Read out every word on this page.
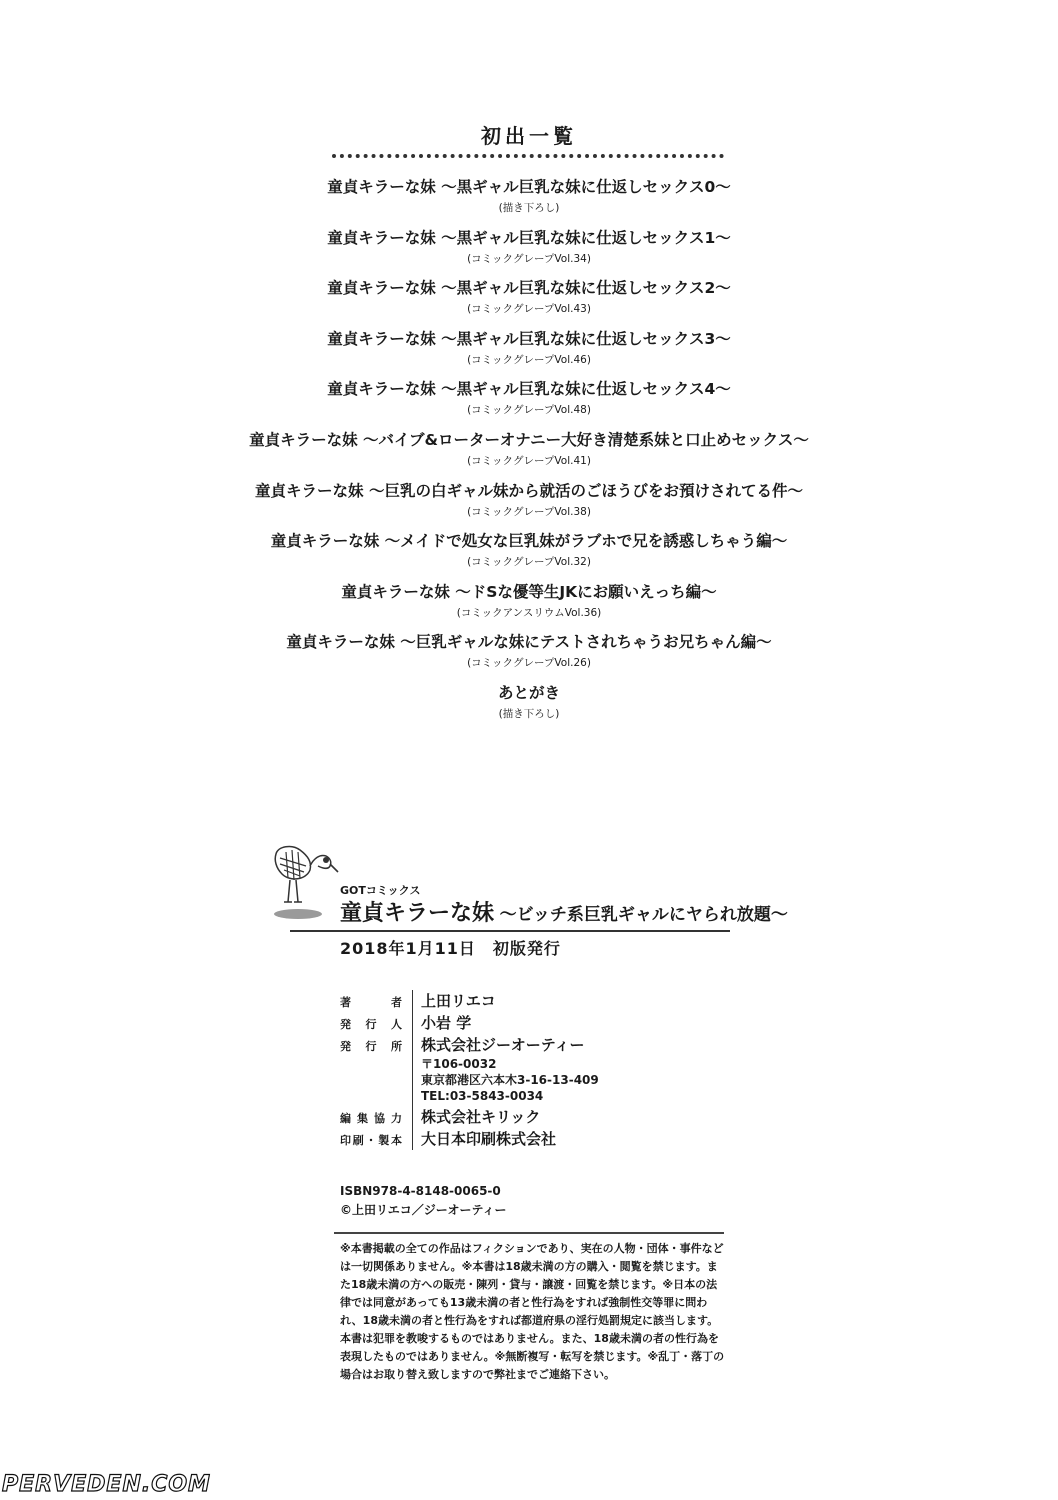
初出一覧
童貞キラーな妹 〜黒ギャル巨乳な妹に仕返しセックス0〜
(描き下ろし)
童貞キラーな妹 〜黒ギャル巨乳な妹に仕返しセックス1〜
(コミックグレープVol.34)
童貞キラーな妹 〜黒ギャル巨乳な妹に仕返しセックス2〜
(コミックグレープVol.43)
童貞キラーな妹 〜黒ギャル巨乳な妹に仕返しセックス3〜
(コミックグレープVol.46)
童貞キラーな妹 〜黒ギャル巨乳な妹に仕返しセックス4〜
(コミックグレープVol.48)
童貞キラーな妹 〜バイブ&ローターオナニー大好き清楚系妹と口止めセックス〜
(コミックグレープVol.41)
童貞キラーな妹 〜巨乳の白ギャル妹から就活のごほうびをお預けされてる件〜
(コミックグレープVol.38)
童貞キラーな妹 〜メイドで処女な巨乳妹がラブホで兄を誘惑しちゃう編〜
(コミックグレープVol.32)
童貞キラーな妹 〜ドSな優等生JKにお願いえっち編〜
(コミックアンスリウムVol.36)
童貞キラーな妹 〜巨乳ギャルな妹にテストされちゃうお兄ちゃん編〜
(コミックグレープVol.26)
あとがき
(描き下ろし)
GOTコミックス
童貞キラーな妹 〜ビッチ系巨乳ギャルにヤられ放題〜
2018年1月11日　初版発行
著者 上田リエコ
発行人 小岩 学
発行所 株式会社ジーオーティー
〒106-0032
東京都港区六本木3-16-13-409
TEL:03-5843-0034
編集協力 株式会社キリック
印刷・製本 大日本印刷株式会社
ISBN978-4-8148-0065-0
©上田リエコ／ジーオーティー
※本書掲載の全ての作品はフィクションであり、実在の人物・団体・事件などは一切関係ありません。※本書は18歳未満の方の購入・閲覧を禁じます。また18歳未満の方への販売・陳列・貸与・譲渡・回覧を禁じます。※日本の法律では同意があっても13歳未満の者と性行為をすれば強制性交等罪に問われ、18歳未満の者と性行為をすれば都道府県の淫行処罰規定に該当します。本書は犯罪を教唆するものではありません。また、18歳未満の者の性行為を表現したものではありません。※無断複写・転写を禁じます。※乱丁・落丁の場合はお取り替え致しますので弊社までご連絡下さい。
PERVEDEN.COM
